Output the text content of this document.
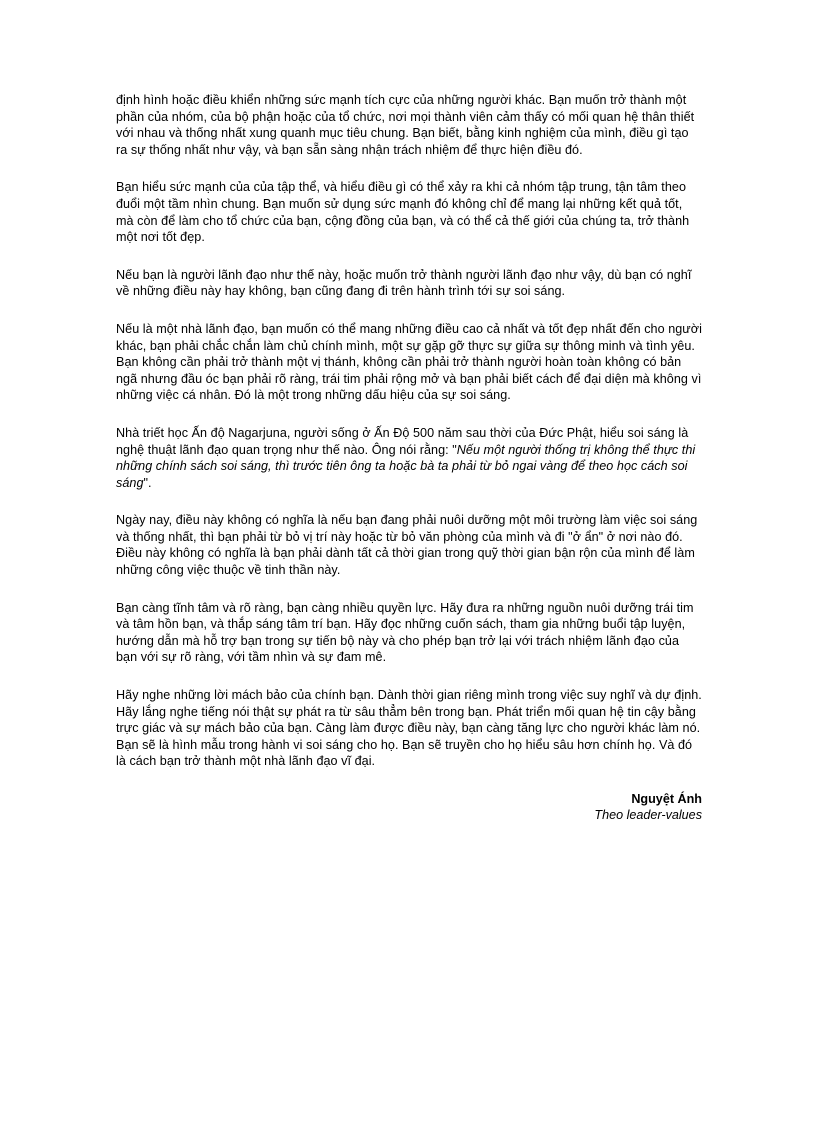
định hình hoặc điều khiển những sức mạnh tích cực của những người khác. Bạn muốn trở thành một phần của nhóm, của bộ phận hoặc của tổ chức, nơi mọi thành viên cảm thấy có mối quan hệ thân thiết với nhau và thống nhất xung quanh mục tiêu chung. Bạn biết, bằng kinh nghiệm của mình, điều gì tạo ra sự thống nhất như vậy, và bạn sẵn sàng nhận trách nhiệm để thực hiện điều đó.

Bạn hiểu sức mạnh của của tập thể, và hiểu điều gì có thể xảy ra khi cả nhóm tập trung, tận tâm theo đuổi một tầm nhìn chung. Bạn muốn sử dụng sức mạnh đó không chỉ để mang lại những kết quả tốt, mà còn để làm cho tổ chức của bạn, cộng đồng của bạn, và có thể cả thế giới của chúng ta, trở thành một nơi tốt đẹp.

Nếu bạn là người lãnh đạo như thế này, hoặc muốn trở thành người lãnh đạo như vậy, dù bạn có nghĩ về những điều này hay không, bạn cũng đang đi trên hành trình tới sự soi sáng.

Nếu là một nhà lãnh đạo, bạn muốn có thể mang những điều cao cả nhất và tốt đẹp nhất đến cho người khác, bạn phải chắc chắn làm chủ chính mình, một sự gặp gỡ thực sự giữa sự thông minh và tình yêu. Bạn không cần phải trở thành một vị thánh, không cần phải trở thành người hoàn toàn không có bản ngã nhưng đầu óc bạn phải rõ ràng, trái tim phải rộng mở và bạn phải biết cách để đại diện mà không vì những việc cá nhân. Đó là một trong những dấu hiệu của sự soi sáng.

Nhà triết học Ấn độ Nagarjuna, người sống ở Ấn Độ 500 năm sau thời của Đức Phật, hiểu soi sáng là nghệ thuật lãnh đạo quan trọng như thế nào. Ông nói rằng: "Nếu một người thống trị không thể thực thi những chính sách soi sáng, thì trước tiên ông ta hoặc bà ta phải từ bỏ ngai vàng để theo học cách soi sáng".

Ngày nay, điều này không có nghĩa là nếu bạn đang phải nuôi dưỡng một môi trường làm việc soi sáng và thống nhất, thì bạn phải từ bỏ vị trí này hoặc từ bỏ văn phòng của mình và đi "ở ẩn" ở nơi nào đó. Điều này không có nghĩa là bạn phải dành tất cả thời gian trong quỹ thời gian bận rộn của mình để làm những công việc thuộc về tinh thần này.

Bạn càng tĩnh tâm và rõ ràng, bạn càng nhiều quyền lực. Hãy đưa ra những nguồn nuôi dưỡng trái tim và tâm hồn bạn, và thắp sáng tâm trí bạn. Hãy đọc những cuốn sách, tham gia những buổi tập luyện, hướng dẫn mà hỗ trợ bạn trong sự tiến bộ này và cho phép bạn trở lại với trách nhiệm lãnh đạo của bạn với sự rõ ràng, với tầm nhìn và sự đam mê.

Hãy nghe những lời mách bảo của chính bạn. Dành thời gian riêng mình trong việc suy nghĩ và dự định. Hãy lắng nghe tiếng nói thật sự phát ra từ sâu thẳm bên trong bạn. Phát triển mối quan hệ tin cậy bằng trực giác và sự mách bảo của bạn. Càng làm được điều này, bạn càng tăng lực cho người khác làm nó. Bạn sẽ là hình mẫu trong hành vi soi sáng cho họ. Bạn sẽ truyền cho họ hiểu sâu hơn chính họ. Và đó là cách bạn trở thành một nhà lãnh đạo vĩ đại.

Nguyệt Ánh
Theo leader-values
